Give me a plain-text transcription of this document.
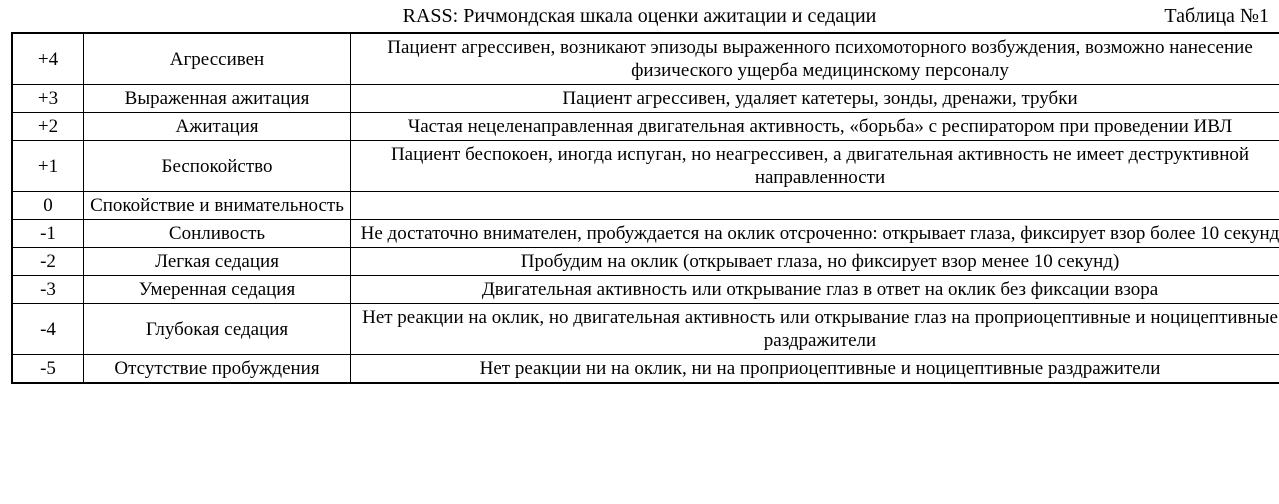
RASS: Ричмондская шкала оценки ажитации и седации	Таблица №1
+4	Агрессивен	Пациент агрессивен, возникают эпизоды выраженного психомоторного возбуждения, возможно нанесение физического ущерба медицинскому персоналу
+3	Выраженная ажитация	Пациент агрессивен, удаляет катетеры, зонды, дренажи, трубки
+2	Ажитация	Частая нецеленаправленная двигательная активность, «борьба» с респиратором при проведении ИВЛ
+1	Беспокойство	Пациент беспокоен, иногда испуган, но неагрессивен, а двигательная активность не имеет деструктивной направленности
0	Спокойствие и внимательность	
-1	Сонливость	Не достаточно внимателен, пробуждается на оклик отсроченно: открывает глаза, фиксирует взор более 10 секунд
-2	Легкая седация	Пробудим на оклик (открывает глаза, но фиксирует взор менее 10 секунд)
-3	Умеренная седация	Двигательная активность или открывание глаз в ответ на оклик без фиксации взора
-4	Глубокая седация	Нет реакции на оклик, но двигательная активность или открывание глаз на проприоцептивные и ноцицептивные раздражители
-5	Отсутствие пробуждения	Нет реакции ни на оклик, ни на проприоцептивные и ноцицептивные раздражители
